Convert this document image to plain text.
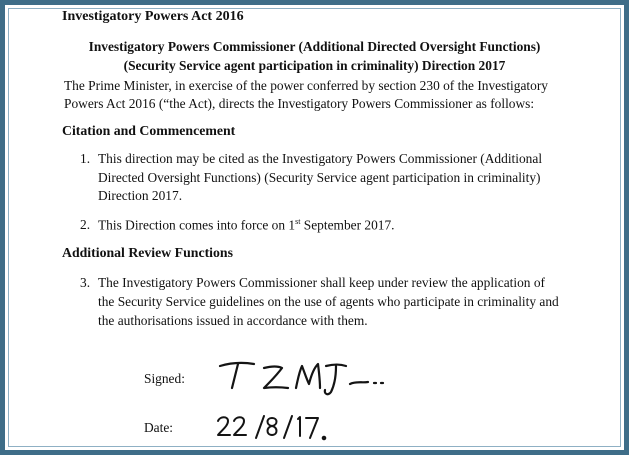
Investigatory Powers Act 2016

Investigatory Powers Commissioner (Additional Directed Oversight Functions)

(Security Service agent participation in criminality) Direction 2017

The Prime Minister, in exercise of the power conferred by section 230 of the Investigatory

Powers Act 2016 (“the Act), directs the Investigatory Powers Commissioner as follows:

Citation and Commencement

1. This direction may be cited as the Investigatory Powers Commissioner (Additional

Directed Oversight Functions) (Security Service agent participation in criminality)

Direction 2017.

2. This Direction comes into force on 1st September 2017.

Additional Review Functions

3. The Investigatory Powers Commissioner shall keep under review the application of

the Security Service guidelines on the use of agents who participate in criminality and

the authorisations issued in accordance with them.

Signed:

Date:
